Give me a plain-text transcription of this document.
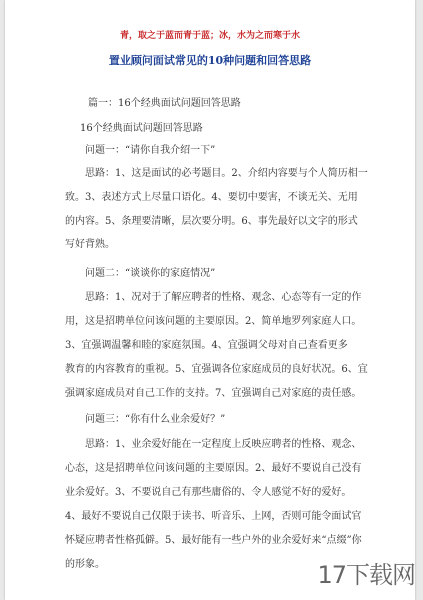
青，取之于蓝而青于蓝；冰，水为之而寒于水
置业顾问面试常见的10种问题和回答思路
篇一：16个经典面试问题回答思路
16个经典面试问题回答思路
问题一：“请你自我介绍一下”
思路：1、这是面试的必考题目。2、介绍内容要与个人简历相一
致。3、表述方式上尽量口语化。4、要切中要害，不谈无关、无用
的内容。5、条理要清晰，层次要分明。6、事先最好以文字的形式
写好背熟。
问题二：“谈谈你的家庭情况”
思路：1、况对于了解应聘者的性格、观念、心态等有一定的作
用，这是招聘单位问该问题的主要原因。2、简单地罗列家庭人口。
3、宜强调温馨和睦的家庭氛围。4、宜强调父母对自己查看更多
教育的内容教育的重视。5、宜强调各位家庭成员的良好状况。6、宜
强调家庭成员对自己工作的支持。7、宜强调自己对家庭的责任感。
问题三：“你有什么业余爱好？”
思路：1、业余爱好能在一定程度上反映应聘者的性格、观念、
心态，这是招聘单位问该问题的主要原因。2、最好不要说自己没有
业余爱好。3、不要说自己有那些庸俗的、令人感觉不好的爱好。
4、最好不要说自己仅限于读书、听音乐、上网，否则可能令面试官
怀疑应聘者性格孤僻。5、最好能有一些户外的业余爱好来“点缀”你
的形象。	17下载网
